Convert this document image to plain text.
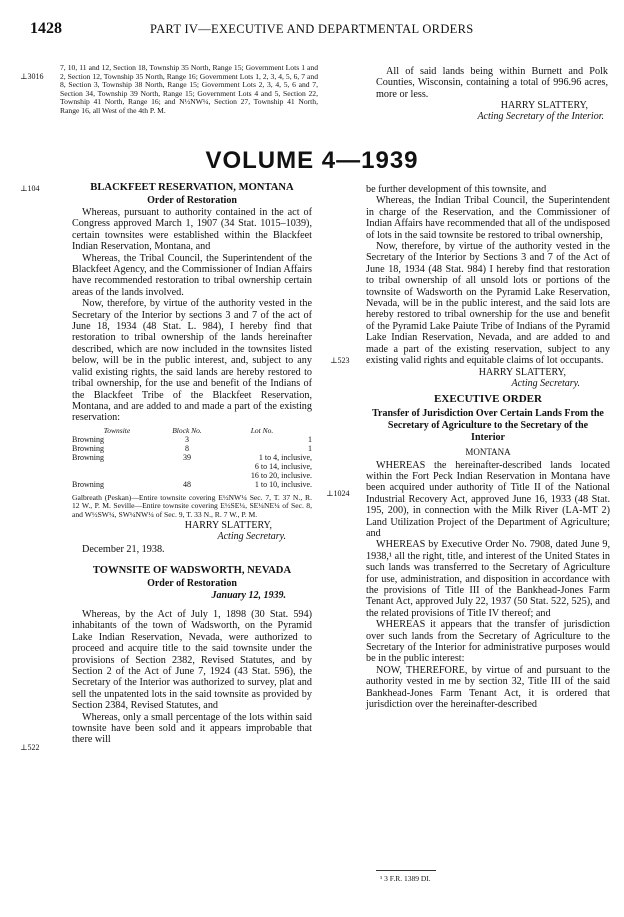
1428	PART IV—EXECUTIVE AND DEPARTMENTAL ORDERS
⊥3016

7, 10, 11 and 12, Section 18, Township 35 North, Range 15; Government Lots 1 and 2, Section 12, Township 35 North, Range 16; Government Lots 1, 2, 3, 4, 5, 6, 7 and 8, Section 3, Township 38 North, Range 15; Government Lots 2, 3, 4, 5, 6 and 7, Section 34, Township 39 North, Range 15; Government Lots 4 and 5, Section 22, Township 41 North, Range 16; and N½NW¼, Section 27, Township 41 North, Range 16, all West of the 4th P. M.

All of said lands being within Burnett and Polk Counties, Wisconsin, containing a total of 996.96 acres, more or less.

HARRY SLATTERY,
Acting Secretary of the Interior.
VOLUME 4—1939
⊥104	BLACKFEET RESERVATION, MONTANA
Order of Restoration

Whereas, pursuant to authority contained in the act of Congress approved March 1, 1907 (34 Stat. 1015–1039), certain townsites were established within the Blackfeet Indian Reservation, Montana, and

Whereas, the Tribal Council, the Superintendent of the Blackfeet Agency, and the Commissioner of Indian Affairs have recommended restoration to tribal ownership certain areas of the lands involved.

Now, therefore, by virtue of the authority vested in the Secretary of the Interior by sections 3 and 7 of the act of June 18, 1934 (48 Stat. L. 984), I hereby find that restoration to tribal ownership of the lands hereinafter described, which are now included in the townsites listed below, will be in the public interest, and, subject to any valid existing rights, the said lands are hereby restored to tribal ownership, for the use and benefit of the Indians of the Blackfeet Tribe of the Blackfeet Reservation, Montana, and are added to and made a part of the existing reservation:

Townsite	Block No.	Lot No.
Browning	3	1
Browning	8	1
Browning	39	1 to 4, inclusive,
6 to 14, inclusive,
16 to 20, inclusive.
Browning	48	1 to 10, inclusive.

Galbreath (Peskan)—Entire townsite covering E½NW¼ Sec. 7, T. 37 N., R. 12 W., P. M. Seville—Entire townsite covering E½SE¼, SE¼NE¼ of Sec. 8, and W½SW¼, SW¼NW¼ of Sec. 9, T. 33 N., R. 7 W., P. M.

HARRY SLATTERY,
Acting Secretary.

December 21, 1938.

TOWNSITE OF WADSWORTH, NEVADA
Order of Restoration
January 12, 1939.

Whereas, by the Act of July 1, 1898 (30 Stat. 594) inhabitants of the town of Wadsworth, on the Pyramid Lake Indian Reservation, Nevada, were authorized to proceed and acquire title to the said townsite under the provisions of Section 2382, Revised Statutes, and by Section 2 of the Act of June 7, 1924 (43 Stat. 596), the Secretary of the Interior was authorized to survey, plat and sell the unpatented lots in the said townsite as provided by Section 2384, Revised Statutes, and

Whereas, only a small percentage of the lots within said townsite have been sold and it appears improbable that there will

⊥522

be further development of this townsite, and

Whereas, the Indian Tribal Council, the Superintendent in charge of the Reservation, and the Commissioner of Indian Affairs have recommended that all of the undisposed of lots in the said townsite be restored to tribal ownership,

Now, therefore, by virtue of the authority vested in the Secretary of the Interior by Sections 3 and 7 of the Act of June 18, 1934 (48 Stat. 984) I hereby find that restoration to tribal ownership of all unsold lots or portions of the townsite of Wadsworth on the Pyramid Lake Reservation, Nevada, will be in the public interest, and the said lots are hereby restored to tribal ownership for the use and benefit of the Pyramid Lake Paiute Tribe of Indians of the Pyramid Lake Indian Reservation, Nevada, and are added to and made a part of the existing reservation, subject to any existing valid rights and equitable claims of lot occupants.

HARRY SLATTERY,
Acting Secretary.
EXECUTIVE ORDER
Transfer of Jurisdiction Over Certain Lands From the Secretary of Agriculture to the Secretary of the Interior
MONTANA

WHEREAS the hereinafter-described lands located within the Fort Peck Indian Reservation in Montana have been acquired under authority of Title II of the National Industrial Recovery Act, approved June 16, 1933 (48 Stat. 195, 200), in connection with the Milk River (LA-MT 2) Land Utilization Project of the Department of Agriculture; and

WHEREAS by Executive Order No. 7908, dated June 9, 1938,¹ all the right, title, and interest of the United States in such lands was transferred to the Secretary of Agriculture for use, administration, and disposition in accordance with the provisions of Title III of the Bankhead-Jones Farm Tenant Act, approved July 22, 1937 (50 Stat. 522, 525), and the related provisions of Title IV thereof; and

WHEREAS it appears that the transfer of jurisdiction over such lands from the Secretary of Agriculture to the Secretary of the Interior for administrative purposes would be in the public interest:

NOW, THEREFORE, by virtue of and pursuant to the authority vested in me by section 32, Title III of the said Bankhead-Jones Farm Tenant Act, it is ordered that jurisdiction over the hereinafter-described

⊥523
⊥1024
¹ 3 F.R. 1389 DI.
